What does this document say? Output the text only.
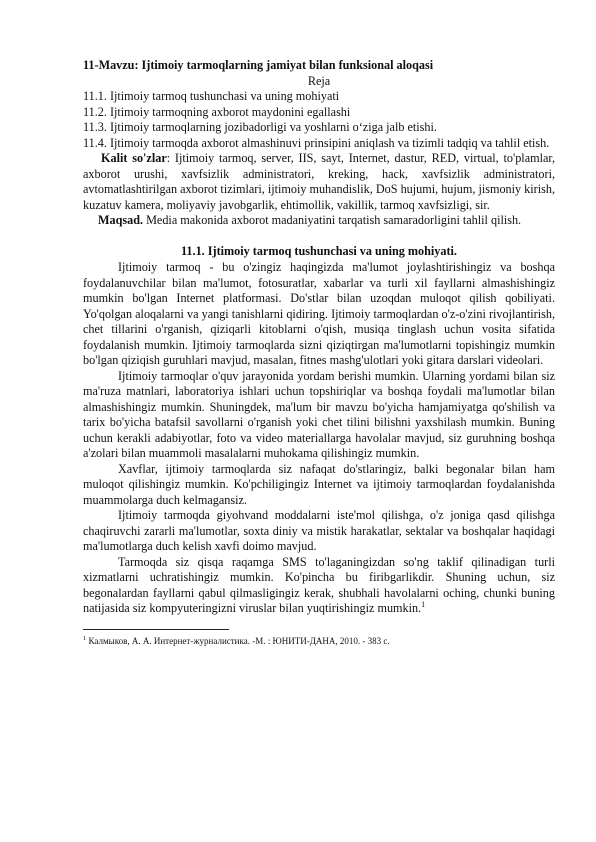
11-Mavzu: Ijtimoiy tarmoqlarning jamiyat bilan funksional aloqasi

Reja

11.1. Ijtimoiy tarmoq tushunchasi va uning mohiyati

11.2. Ijtimoiy tarmoqning axborot maydonini egallashi

11.3. Ijtimoiy tarmoqlarning jozibadorligi va yoshlarni o‘ziga jalb etishi.

11.4. Ijtimoiy tarmoqda axborot almashinuvi prinsipini aniqlash va tizimli tadqiq va tahlil etish.

Kalit so'zlar: Ijtimoiy tarmoq, server, IIS, sayt, Internet, dastur, RED, virtual, to'plamlar, axborot urushi, xavfsizlik administratori, kreking, hack, xavfsizlik administratori, avtomatlashtirilgan axborot tizimlari, ijtimoiy muhandislik, DoS hujumi, hujum, jismoniy kirish, kuzatuv kamera, moliyaviy javobgarlik, ehtimollik, vakillik, tarmoq xavfsizligi, sir.

Maqsad. Media makonida axborot madaniyatini tarqatish samaradorligini tahlil qilish.

11.1. Ijtimoiy tarmoq tushunchasi va uning mohiyati.

Ijtimoiy tarmoq - bu o'zingiz haqingizda ma'lumot joylashtirishingiz va boshqa foydalanuvchilar bilan ma'lumot, fotosuratlar, xabarlar va turli xil fayllarni almashishingiz mumkin bo'lgan Internet platformasi. Do'stlar bilan uzoqdan muloqot qilish qobiliyati. Yo'qolgan aloqalarni va yangi tanishlarni qidiring. Ijtimoiy tarmoqlardan o'z-o'zini rivojlantirish, chet tillarini o'rganish, qiziqarli kitoblarni o'qish, musiqa tinglash uchun vosita sifatida foydalanish mumkin. Ijtimoiy tarmoqlarda sizni qiziqtirgan ma'lumotlarni topishingiz mumkin bo'lgan qiziqish guruhlari mavjud, masalan, fitnes mashg'ulotlari yoki gitara darslari videolari.

Ijtimoiy tarmoqlar o'quv jarayonida yordam berishi mumkin. Ularning yordami bilan siz ma'ruza matnlari, laboratoriya ishlari uchun topshiriqlar va boshqa foydali ma'lumotlar bilan almashishingiz mumkin. Shuningdek, ma'lum bir mavzu bo'yicha hamjamiyatga qo'shilish va tarix bo'yicha batafsil savollarni o'rganish yoki chet tilini bilishni yaxshilash mumkin. Buning uchun kerakli adabiyotlar, foto va video materiallarga havolalar mavjud, siz guruhning boshqa a'zolari bilan muammoli masalalarni muhokama qilishingiz mumkin.

Xavflar, ijtimoiy tarmoqlarda siz nafaqat do'stlaringiz, balki begonalar bilan ham muloqot qilishingiz mumkin. Ko'pchiligingiz Internet va ijtimoiy tarmoqlardan foydalanishda muammolarga duch kelmagansiz.

Ijtimoiy tarmoqda giyohvand moddalarni iste'mol qilishga, o'z joniga qasd qilishga chaqiruvchi zararli ma'lumotlar, soxta diniy va mistik harakatlar, sektalar va boshqalar haqidagi ma'lumotlarga duch kelish xavfi doimo mavjud.

Tarmoqda siz qisqa raqamga SMS to'laganingizdan so'ng taklif qilinadigan turli xizmatlarni uchratishingiz mumkin. Ko'pincha bu firibgarlikdir. Shuning uchun, siz begonalardan fayllarni qabul qilmasligingiz kerak, shubhali havolalarni oching, chunki buning natijasida siz kompyuteringizni viruslar bilan yuqtirishingiz mumkin.$^1$

$^1$ Калмыков, А. А. Интернет-журналистика. -М. : ЮНИТИ-ДАНА, 2010. - 383 с.
